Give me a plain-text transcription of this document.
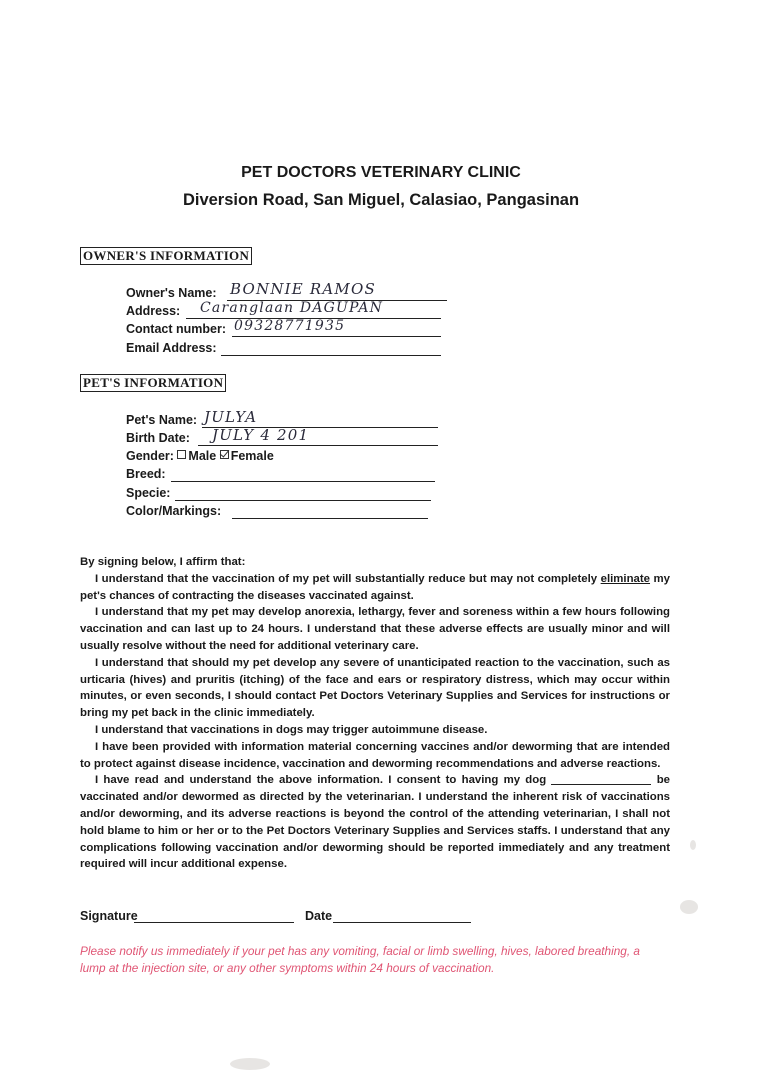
PET DOCTORS VETERINARY CLINIC
Diversion Road, San Miguel, Calasiao, Pangasinan
OWNER'S INFORMATION
Owner's Name: BONNIE RAMOS
Address: Caranglaan DAGUPAN
Contact number: 09328771935
Email Address:
PET'S INFORMATION
Pet's Name: JULYA
Birth Date: JULY 4 201
Gender: Male Female
Breed:
Specie:
Color/Markings:

By signing below, I affirm that:

I understand that the vaccination of my pet will substantially reduce but may not completely eliminate my pet's chances of contracting the diseases vaccinated against.

I understand that my pet may develop anorexia, lethargy, fever and soreness within a few hours following vaccination and can last up to 24 hours. I understand that these adverse effects are usually minor and will usually resolve without the need for additional veterinary care.

I understand that should my pet develop any severe of unanticipated reaction to the vaccination, such as urticaria (hives) and pruritis (itching) of the face and ears or respiratory distress, which may occur within minutes, or even seconds, I should contact Pet Doctors Veterinary Supplies and Services for instructions or bring my pet back in the clinic immediately.

I understand that vaccinations in dogs may trigger autoimmune disease.

I have been provided with information material concerning vaccines and/or deworming that are intended to protect against disease incidence, vaccination and deworming recommendations and adverse reactions.

I have read and understand the above information. I consent to having my dog	be vaccinated and/or dewormed as directed by the veterinarian. I understand the inherent risk of vaccinations and/or deworming, and its adverse reactions is beyond the control of the attending veterinarian, I shall not hold blame to him or her or to the Pet Doctors Veterinary Supplies and Services staffs. I understand that any complications following vaccination and/or deworming should be reported immediately and any treatment required will incur additional expense.

Signature	Date
Please notify us immediately if your pet has any vomiting, facial or limb swelling, hives, labored breathing, a lump at the injection site, or any other symptoms within 24 hours of vaccination.
